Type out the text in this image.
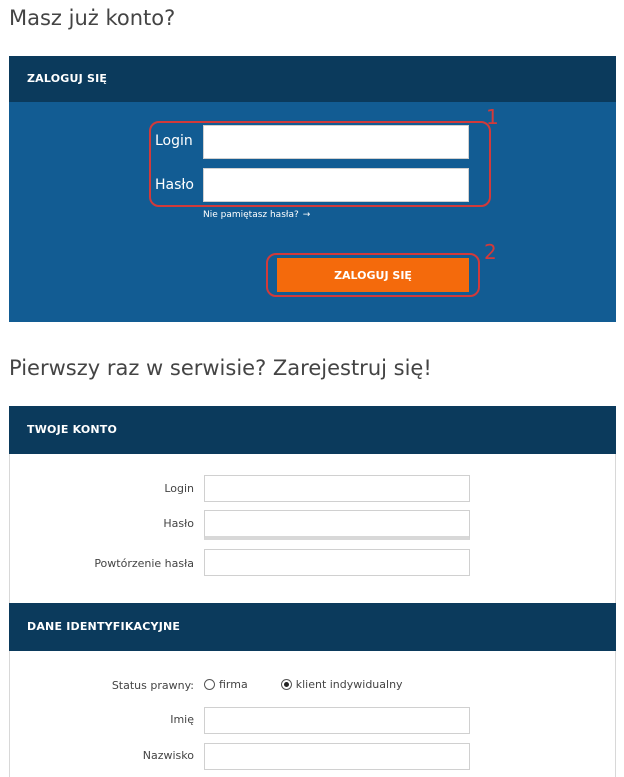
Masz już konto?
ZALOGUJ SIĘ
Login
Hasło
Nie pamiętasz hasła? →
ZALOGUJ SIĘ
1
2
Pierwszy raz w serwisie? Zarejestruj się!
TWOJE KONTO
Login
Hasło
Powtórzenie hasła
DANE IDENTYFIKACYJNE
Status prawny: firma	klient indywidualny
Imię
Nazwisko
